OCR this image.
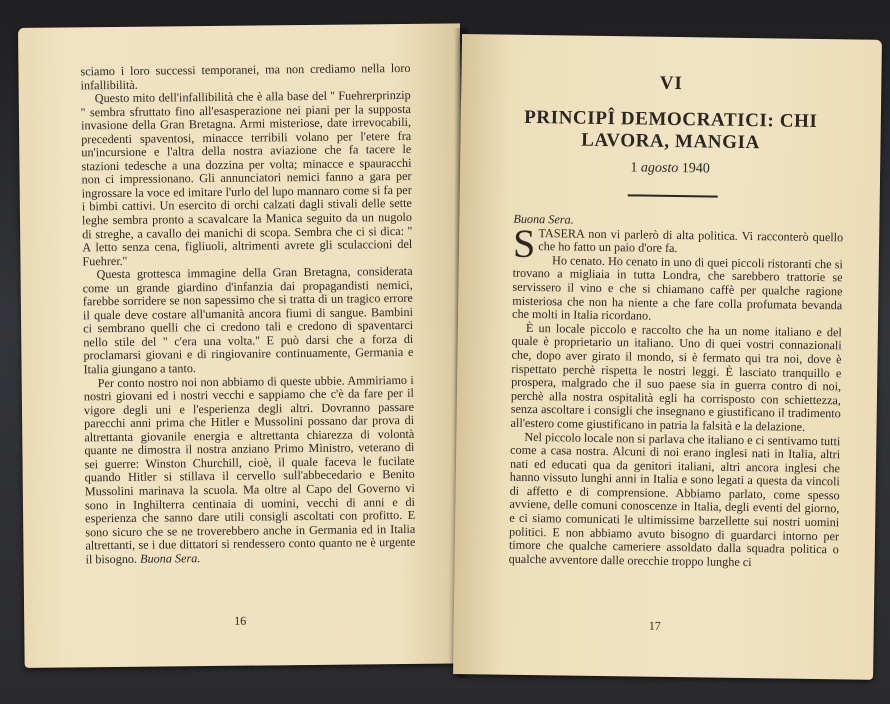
sciamo i loro successi temporanei, ma non crediamo nella loro infallibilità.

Questo mito dell'infallibilità che è alla base del '' Fuehrerprinzip '' sembra sfruttato fino all'esasperazione nei piani per la supposta invasione della Gran Bretagna. Armi misteriose, date irrevocabili, precedenti spaventosi, minacce terribili volano per l'etere fra un'incursione e l'altra della nostra aviazione che fa tacere le stazioni tedesche a una dozzina per volta; minacce e spauracchi non ci impressionano. Gli annunciatori nemici fanno a gara per ingrossare la voce ed imitare l'urlo del lupo mannaro come si fa per i bimbi cattivi. Un esercito di orchi calzati dagli stivali delle sette leghe sembra pronto a scavalcare la Manica seguito da un nugolo di streghe, a cavallo dei manichi di scopa. Sembra che ci si dica: '' A letto senza cena, figliuoli, altrimenti avrete gli sculaccioni del Fuehrer.''

Questa grottesca immagine della Gran Bretagna, considerata come un grande giardino d'infanzia dai propagandisti nemici, farebbe sorridere se non sapessimo che si tratta di un tragico errore il quale deve costare all'umanità ancora fiumi di sangue. Bambini ci sembrano quelli che ci credono tali e credono di spaventarci nello stile del '' c'era una volta.'' E può darsi che a forza di proclamarsi giovani e di ringiovanire continuamente, Germania e Italia giungano a tanto.

Per conto nostro noi non abbiamo di queste ubbie. Ammiriamo i nostri giovani ed i nostri vecchi e sappiamo che c'è da fare per il vigore degli uni e l'esperienza degli altri. Dovranno passare parecchi anni prima che Hitler e Mussolini possano dar prova di altrettanta giovanile energia e altrettanta chiarezza di volontà quante ne dimostra il nostra anziano Primo Ministro, veterano di sei guerre: Winston Churchill, cioè, il quale faceva le fucilate quando Hitler si stillava il cervello sull'abbecedario e Benito Mussolini marinava la scuola. Ma oltre al Capo del Governo vi sono in Inghilterra centinaia di uomini, vecchi di anni e di esperienza che sanno dare utili consigli ascoltati con profitto. E sono sicuro che se ne troverebbero anche in Germania ed in Italia altrettanti, se i due dittatori si rendessero conto quanto ne è urgente il bisogno. Buona Sera.

16
VI
PRINCIPÎ DEMOCRATICI: CHI LAVORA, MANGIA
1 agosto 1940

Buona Sera.

STASERA non vi parlerò di alta politica. Vi racconterò quello che ho fatto un paio d'ore fa.

Ho cenato. Ho cenato in uno di quei piccoli ristoranti che si trovano a migliaia in tutta Londra, che sarebbero trattorie se servissero il vino e che si chiamano caffè per qualche ragione misteriosa che non ha niente a che fare colla profumata bevanda che molti in Italia ricordano.

È un locale piccolo e raccolto che ha un nome italiano e del quale è proprietario un italiano. Uno di quei vostri connazionali che, dopo aver girato il mondo, si è fermato qui tra noi, dove è rispettato perchè rispetta le nostri leggi. È lasciato tranquillo e prospera, malgrado che il suo paese sia in guerra contro di noi, perchè alla nostra ospitalità egli ha corrisposto con schiettezza, senza ascoltare i consigli che insegnano e giustificano il tradimento all'estero come giustificano in patria la falsità e la delazione.

Nel piccolo locale non si parlava che italiano e ci sentivamo tutti come a casa nostra. Alcuni di noi erano inglesi nati in Italia, altri nati ed educati qua da genitori italiani, altri ancora inglesi che hanno vissuto lunghi anni in Italia e sono legati a questa da vincoli di affetto e di comprensione. Abbiamo parlato, come spesso avviene, delle comuni conoscenze in Italia, degli eventi del giorno, e ci siamo comunicati le ultimissime barzellette sui nostri uomini politici. E non abbiamo avuto bisogno di guardarci intorno per timore che qualche cameriere assoldato dalla squadra politica o qualche avventore dalle orecchie troppo lunghe ci

17
